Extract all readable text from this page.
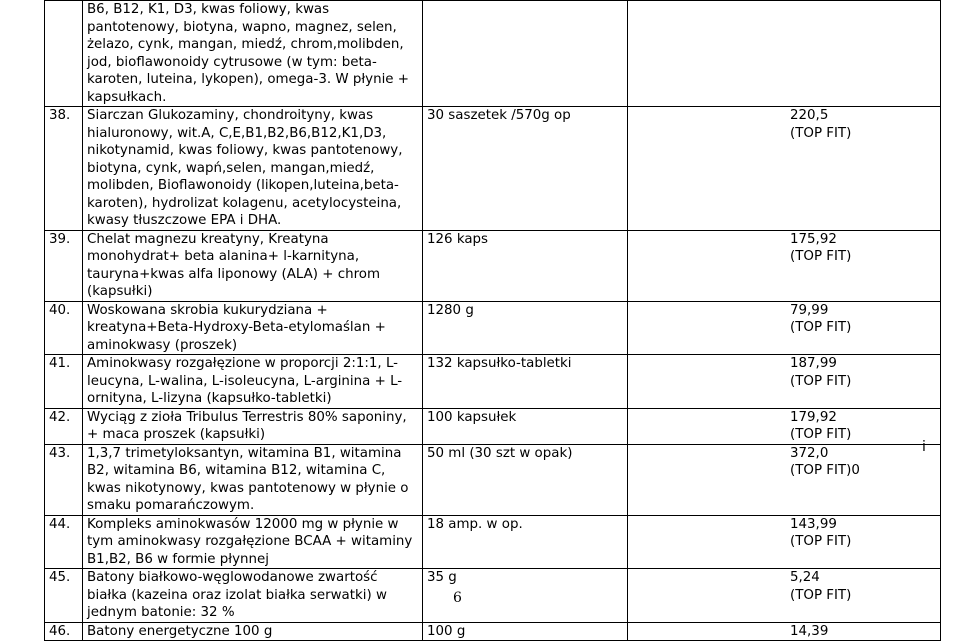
	B6, B12, K1, D3, kwas foliowy, kwas pantotenowy, biotyna, wapno, magnez, selen, żelazo, cynk, mangan, miedź, chrom,molibden, jod, bioflawonoidy cytrusowe (w tym: beta-karoten, luteina, lykopen), omega-3. W płynie + kapsułkach.		

38.	Siarczan Glukozaminy, chondroityny, kwas hialuronowy, wit.A, C,E,B1,B2,B6,B12,K1,D3, nikotynamid, kwas foliowy, kwas pantotenowy, biotyna, cynk, wapń,selen, mangan,miedź, molibden, Bioflawonoidy (likopen,luteina,beta-karoten), hydrolizat kolagenu, acetylocysteina, kwasy tłuszczowe EPA i DHA.	30 saszetek /570g op	220,5
(TOP FIT)

39.	Chelat magnezu kreatyny, Kreatyna monohydrat+ beta alanina+ l-karnityna, tauryna+kwas alfa liponowy (ALA) + chrom (kapsułki)	126 kaps	175,92
(TOP FIT)

40.	Woskowana skrobia kukurydziana + kreatyna+Beta-Hydroxy-Beta-etylomaślan + aminokwasy (proszek)	1280 g	79,99
(TOP FIT)

41.	Aminokwasy rozgałęzione w proporcji 2:1:1, L-leucyna, L-walina, L-isoleucyna, L-arginina + L-ornityna, L-lizyna (kapsułko-tabletki)	132 kapsułko-tabletki	187,99
(TOP FIT)

42.	Wyciąg z zioła Tribulus Terrestris 80% saponiny, + maca proszek (kapsułki)	100 kapsułek	179,92
(TOP FIT)

43.	1,3,7 trimetyloksantyn, witamina B1, witamina B2, witamina B6, witamina B12, witamina C, kwas nikotynowy, kwas pantotenowy w płynie o smaku pomarańczowym.	50 ml (30 szt w opak)	372,0
(TOP FIT)0

44.	Kompleks aminokwasów 12000 mg w płynie w tym aminokwasy rozgałęzione BCAA + witaminy B1,B2, B6 w formie płynnej	18 amp. w op.	143,99
(TOP FIT)

45.	Batony białkowo-węglowodanowe zwartość białka (kazeina oraz izolat białka serwatki) w jednym batonie: 32 %	35 g	5,24
(TOP FIT)

46.	Batony energetyczne 100 g	100 g	14,39
i
6
